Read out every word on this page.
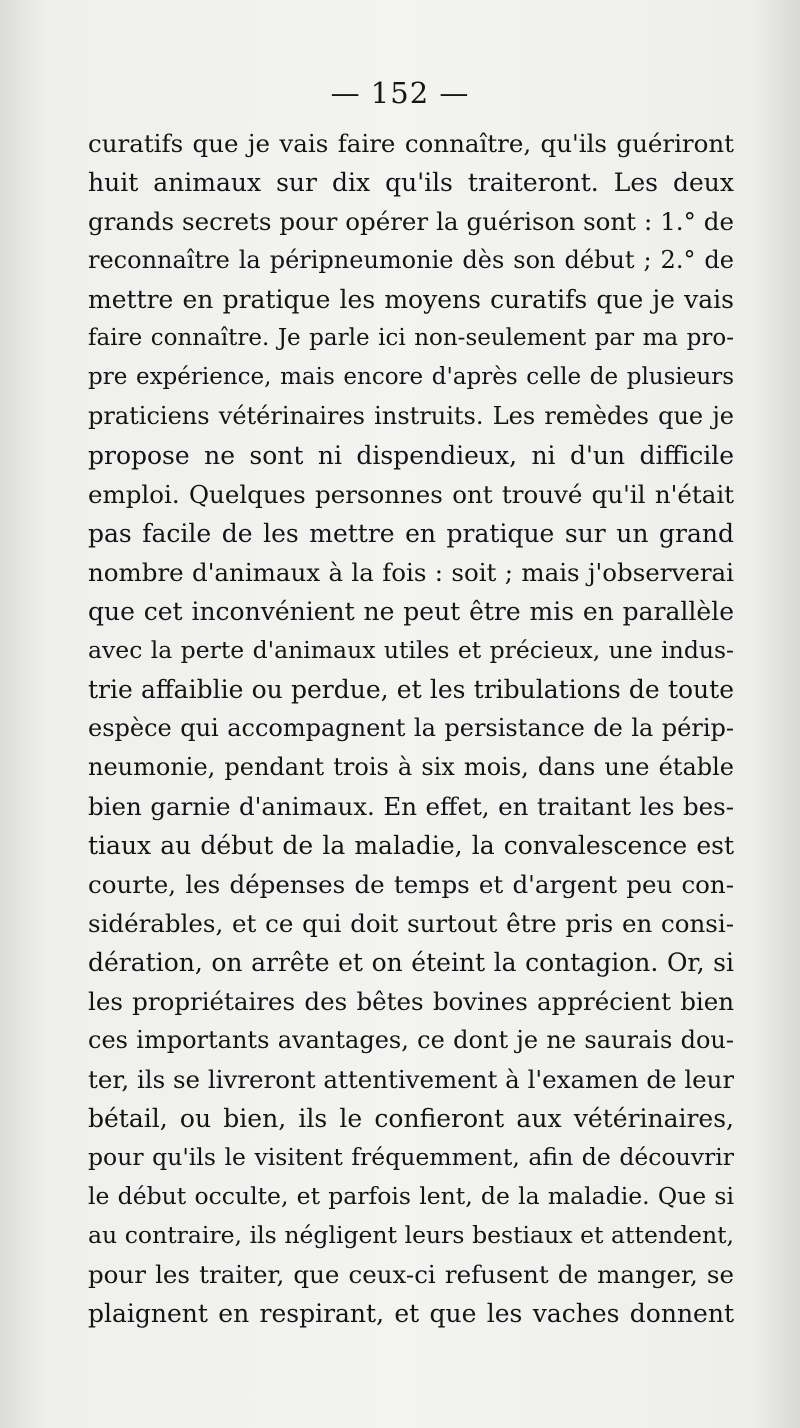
— 152 —
curatifs que je vais faire connaître, qu'ils guériront
huit animaux sur dix qu'ils traiteront. Les deux
grands secrets pour opérer la guérison sont : 1.° de
reconnaître la péripneumonie dès son début ; 2.° de
mettre en pratique les moyens curatifs que je vais
faire connaître. Je parle ici non-seulement par ma pro-
pre expérience, mais encore d'après celle de plusieurs
praticiens vétérinaires instruits. Les remèdes que je
propose ne sont ni dispendieux, ni d'un difficile
emploi. Quelques personnes ont trouvé qu'il n'était
pas facile de les mettre en pratique sur un grand
nombre d'animaux à la fois : soit ; mais j'observerai
que cet inconvénient ne peut être mis en parallèle
avec la perte d'animaux utiles et précieux, une indus-
trie affaiblie ou perdue, et les tribulations de toute
espèce qui accompagnent la persistance de la périp-
neumonie, pendant trois à six mois, dans une étable
bien garnie d'animaux. En effet, en traitant les bes-
tiaux au début de la maladie, la convalescence est
courte, les dépenses de temps et d'argent peu con-
sidérables, et ce qui doit surtout être pris en consi-
dération, on arrête et on éteint la contagion. Or, si
les propriétaires des bêtes bovines apprécient bien
ces importants avantages, ce dont je ne saurais dou-
ter, ils se livreront attentivement à l'examen de leur
bétail, ou bien, ils le confieront aux vétérinaires,
pour qu'ils le visitent fréquemment, afin de découvrir
le début occulte, et parfois lent, de la maladie. Que si
au contraire, ils négligent leurs bestiaux et attendent,
pour les traiter, que ceux-ci refusent de manger, se
plaignent en respirant, et que les vaches donnent
